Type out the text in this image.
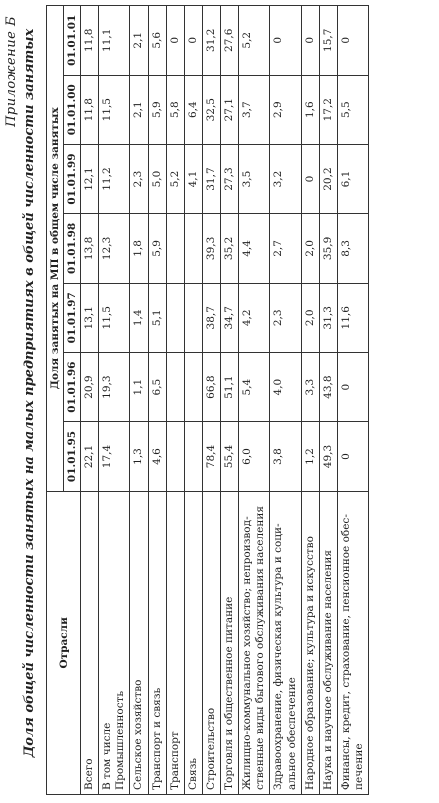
Приложение Б Доля общей численности занятых на малых предприятиях в общей численности занятых Отрасли	Доля занятых на МП в общем числе занятых						
	01.01.95	01.01.96	01.01.97	01.01.98	01.01.99	01.01.00	01.01.01
Всего	22,1	20,9	13,1	13,8	12,1	11,8	11,8
В том числе
Промышленность	17,4	19,3	11,5	12,3	11,2	11,5	11,1
Сельское хозяйство	1,3	1,1	1,4	1,8	2,3	2,1	2,1
Транспорт и связь	4,6	6,5	5,1	5,9	5,0	5,9	5,6
Транспорт					5,2	5,8	0
Связь					4,1	6,4	0
Строительство	78,4	66,8	38,7	39,3	31,7	32,5	31,2
Торговля и общественное питание	55,4	51,1	34,7	35,2	27,3	27,1	27,6
Жилищно-коммунальное хозяйство; непроизвод-ственные виды бытового обслуживания населения	6,0	5,4	4,2	4,4	3,5	3,7	5,2
Здравоохранение, физическая культура и соци-альное обеспечение	3,8	4,0	2,3	2,7	3,2	2,9	0
Народное образование; культура и искусство	1,2	3,3	2,0	2,0	0	1,6	0
Наука и научное обслуживание населения	49,3	43,8	31,3	35,9	20,2	17,2	15,7
Финансы, кредит, страхование, пенсионное обес-печение	0	0	11,6	8,3	6,1	5,5	0
